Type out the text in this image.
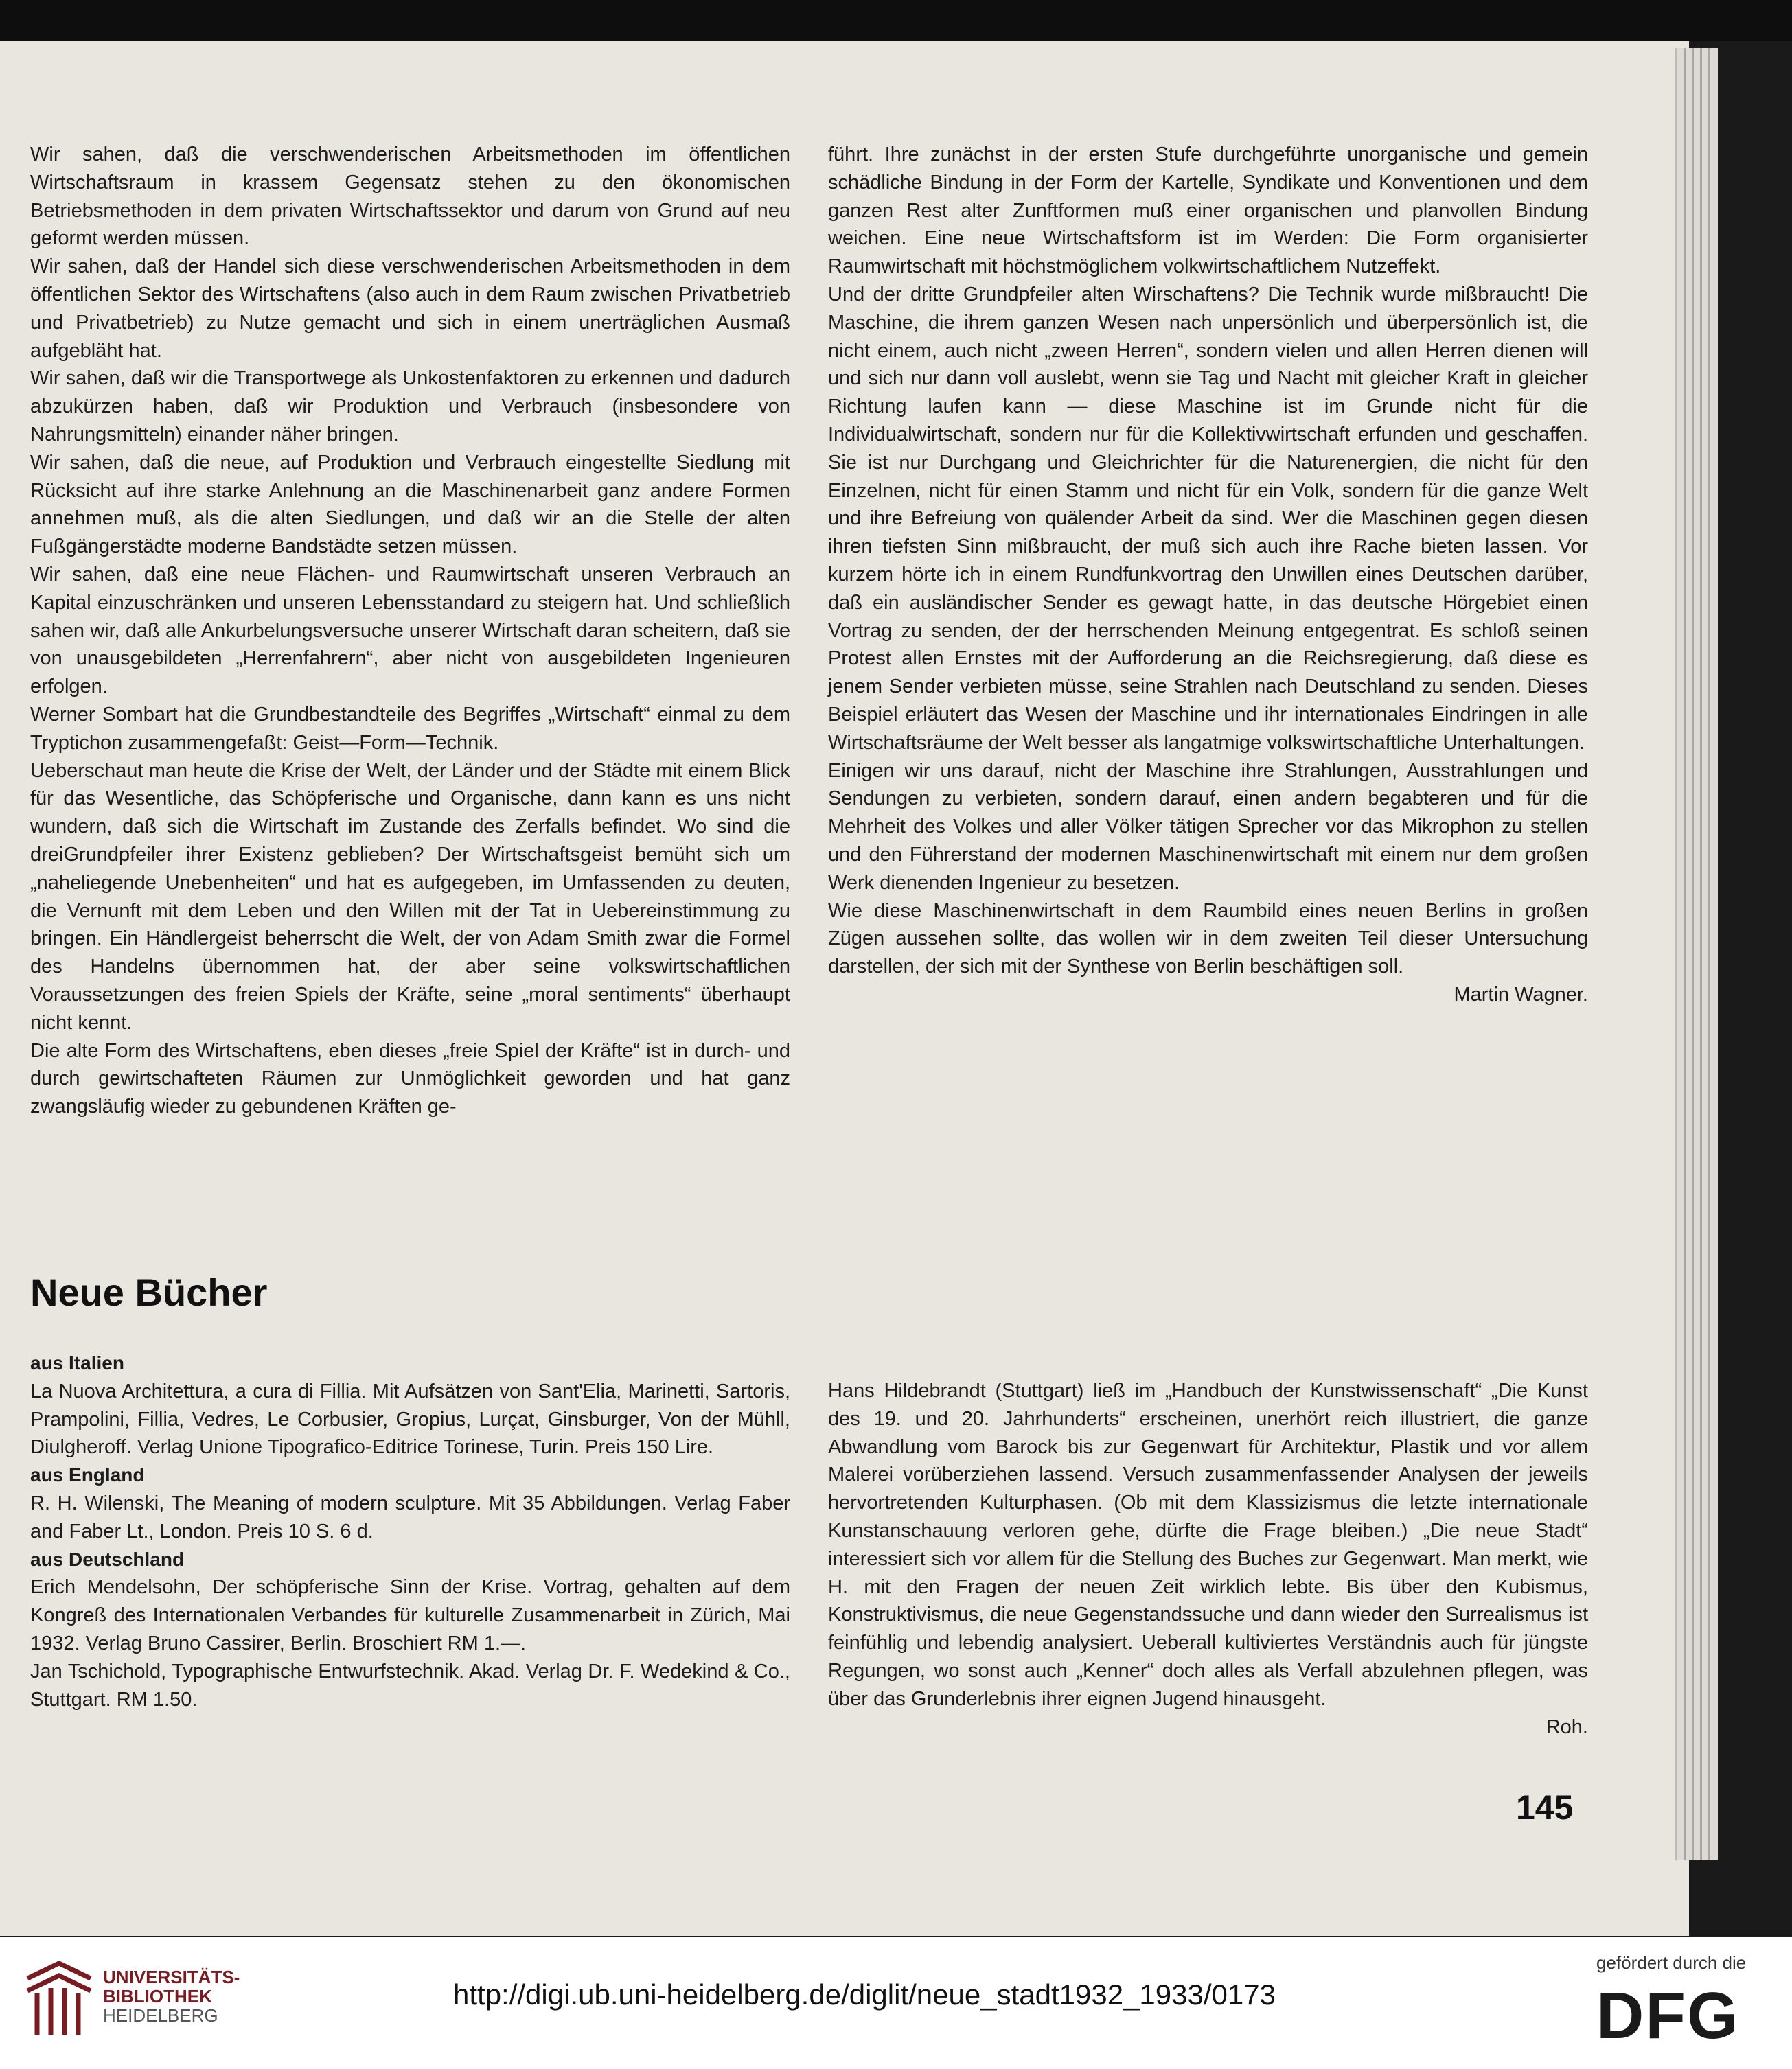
Wir sahen, daß die verschwenderischen Arbeitsmethoden im öffentlichen Wirtschaftsraum in krassem Gegensatz stehen zu den ökonomischen Betriebsmethoden in dem privaten Wirtschaftssektor und darum von Grund auf neu geformt werden müssen.

Wir sahen, daß der Handel sich diese verschwenderischen Arbeitsmethoden in dem öffentlichen Sektor des Wirtschaftens (also auch in dem Raum zwischen Privatbetrieb und Privatbetrieb) zu Nutze gemacht und sich in einem unerträglichen Ausmaß aufgebläht hat.

Wir sahen, daß wir die Transportwege als Unkostenfaktoren zu erkennen und dadurch abzukürzen haben, daß wir Produktion und Verbrauch (insbesondere von Nahrungsmitteln) einander näher bringen.

Wir sahen, daß die neue, auf Produktion und Verbrauch eingestellte Siedlung mit Rücksicht auf ihre starke Anlehnung an die Maschinenarbeit ganz andere Formen annehmen muß, als die alten Siedlungen, und daß wir an die Stelle der alten Fußgängerstädte moderne Bandstädte setzen müssen.

Wir sahen, daß eine neue Flächen- und Raumwirtschaft unseren Verbrauch an Kapital einzuschränken und unseren Lebensstandard zu steigern hat. Und schließlich sahen wir, daß alle Ankurbelungsversuche unserer Wirtschaft daran scheitern, daß sie von unausgebildeten „Herrenfahrern“, aber nicht von ausgebildeten Ingenieuren erfolgen.

Werner Sombart hat die Grundbestandteile des Begriffes „Wirtschaft“ einmal zu dem Tryptichon zusammengefaßt: Geist—Form—Technik.

Ueberschaut man heute die Krise der Welt, der Länder und der Städte mit einem Blick für das Wesentliche, das Schöpferische und Organische, dann kann es uns nicht wundern, daß sich die Wirtschaft im Zustande des Zerfalls befindet. Wo sind die dreiGrundpfeiler ihrer Existenz geblieben? Der Wirtschaftsgeist bemüht sich um „naheliegende Unebenheiten“ und hat es aufgegeben, im Umfassenden zu deuten, die Vernunft mit dem Leben und den Willen mit der Tat in Uebereinstimmung zu bringen. Ein Händlergeist beherrscht die Welt, der von Adam Smith zwar die Formel des Handelns übernommen hat, der aber seine volkswirtschaftlichen Voraussetzungen des freien Spiels der Kräfte, seine „moral sentiments“ überhaupt nicht kennt.

Die alte Form des Wirtschaftens, eben dieses „freie Spiel der Kräfte“ ist in durch- und durch gewirtschafteten Räumen zur Unmöglichkeit geworden und hat ganz zwangsläufig wieder zu gebundenen Kräften ge-

führt. Ihre zunächst in der ersten Stufe durchgeführte unorganische und gemein schädliche Bindung in der Form der Kartelle, Syndikate und Konventionen und dem ganzen Rest alter Zunftformen muß einer organischen und planvollen Bindung weichen. Eine neue Wirtschaftsform ist im Werden: Die Form organisierter Raumwirtschaft mit höchstmöglichem volkwirtschaftlichem Nutzeffekt.

Und der dritte Grundpfeiler alten Wirschaftens? Die Technik wurde mißbraucht! Die Maschine, die ihrem ganzen Wesen nach unpersönlich und überpersönlich ist, die nicht einem, auch nicht „zween Herren“, sondern vielen und allen Herren dienen will und sich nur dann voll auslebt, wenn sie Tag und Nacht mit gleicher Kraft in gleicher Richtung laufen kann — diese Maschine ist im Grunde nicht für die Individualwirtschaft, sondern nur für die Kollektivwirtschaft erfunden und geschaffen. Sie ist nur Durchgang und Gleichrichter für die Naturenergien, die nicht für den Einzelnen, nicht für einen Stamm und nicht für ein Volk, sondern für die ganze Welt und ihre Befreiung von quälender Arbeit da sind. Wer die Maschinen gegen diesen ihren tiefsten Sinn mißbraucht, der muß sich auch ihre Rache bieten lassen. Vor kurzem hörte ich in einem Rundfunkvortrag den Unwillen eines Deutschen darüber, daß ein ausländischer Sender es gewagt hatte, in das deutsche Hörgebiet einen Vortrag zu senden, der der herrschenden Meinung entgegentrat. Es schloß seinen Protest allen Ernstes mit der Aufforderung an die Reichsregierung, daß diese es jenem Sender verbieten müsse, seine Strahlen nach Deutschland zu senden. Dieses Beispiel erläutert das Wesen der Maschine und ihr internationales Eindringen in alle Wirtschaftsräume der Welt besser als langatmige volkswirtschaftliche Unterhaltungen.

Einigen wir uns darauf, nicht der Maschine ihre Strahlungen, Ausstrahlungen und Sendungen zu verbieten, sondern darauf, einen andern begabteren und für die Mehrheit des Volkes und aller Völker tätigen Sprecher vor das Mikrophon zu stellen und den Führerstand der modernen Maschinenwirtschaft mit einem nur dem großen Werk dienenden Ingenieur zu besetzen.

Wie diese Maschinenwirtschaft in dem Raumbild eines neuen Berlins in großen Zügen aussehen sollte, das wollen wir in dem zweiten Teil dieser Untersuchung darstellen, der sich mit der Synthese von Berlin beschäftigen soll.

Martin Wagner.

Neue Bücher

aus Italien

La Nuova Architettura, a cura di Fillia. Mit Aufsätzen von Sant'Elia, Marinetti, Sartoris, Prampolini, Fillia, Vedres, Le Corbusier, Gropius, Lurçat, Ginsburger, Von der Mühll, Diulgheroff. Verlag Unione Tipografico-Editrice Torinese, Turin. Preis 150 Lire.

aus England

R. H. Wilenski, The Meaning of modern sculpture. Mit 35 Abbildungen. Verlag Faber and Faber Lt., London. Preis 10 S. 6 d.

aus Deutschland

Erich Mendelsohn, Der schöpferische Sinn der Krise. Vortrag, gehalten auf dem Kongreß des Internationalen Verbandes für kulturelle Zusammenarbeit in Zürich, Mai 1932. Verlag Bruno Cassirer, Berlin. Broschiert RM 1.—.

Jan Tschichold, Typographische Entwurfstechnik. Akad. Verlag Dr. F. Wedekind & Co., Stuttgart. RM 1.50.

Hans Hildebrandt (Stuttgart) ließ im „Handbuch der Kunstwissenschaft“ „Die Kunst des 19. und 20. Jahrhunderts“ erscheinen, unerhört reich illustriert, die ganze Abwandlung vom Barock bis zur Gegenwart für Architektur, Plastik und vor allem Malerei vorüberziehen lassend. Versuch zusammenfassender Analysen der jeweils hervortretenden Kulturphasen. (Ob mit dem Klassizismus die letzte internationale Kunstanschauung verloren gehe, dürfte die Frage bleiben.) „Die neue Stadt“ interessiert sich vor allem für die Stellung des Buches zur Gegenwart. Man merkt, wie H. mit den Fragen der neuen Zeit wirklich lebte. Bis über den Kubismus, Konstruktivismus, die neue Gegenstandssuche und dann wieder den Surrealismus ist feinfühlig und lebendig analysiert. Ueberall kultiviertes Verständnis auch für jüngste Regungen, wo sonst auch „Kenner“ doch alles als Verfall abzulehnen pflegen, was über das Grunderlebnis ihrer eignen Jugend hinausgeht.

Roh.

145
UNIVERSITÄTS-
BIBLIOTHEK
HEIDELBERG
http://digi.ub.uni-heidelberg.de/diglit/neue_stadt1932_1933/0173
gefördert durch die
DFG
